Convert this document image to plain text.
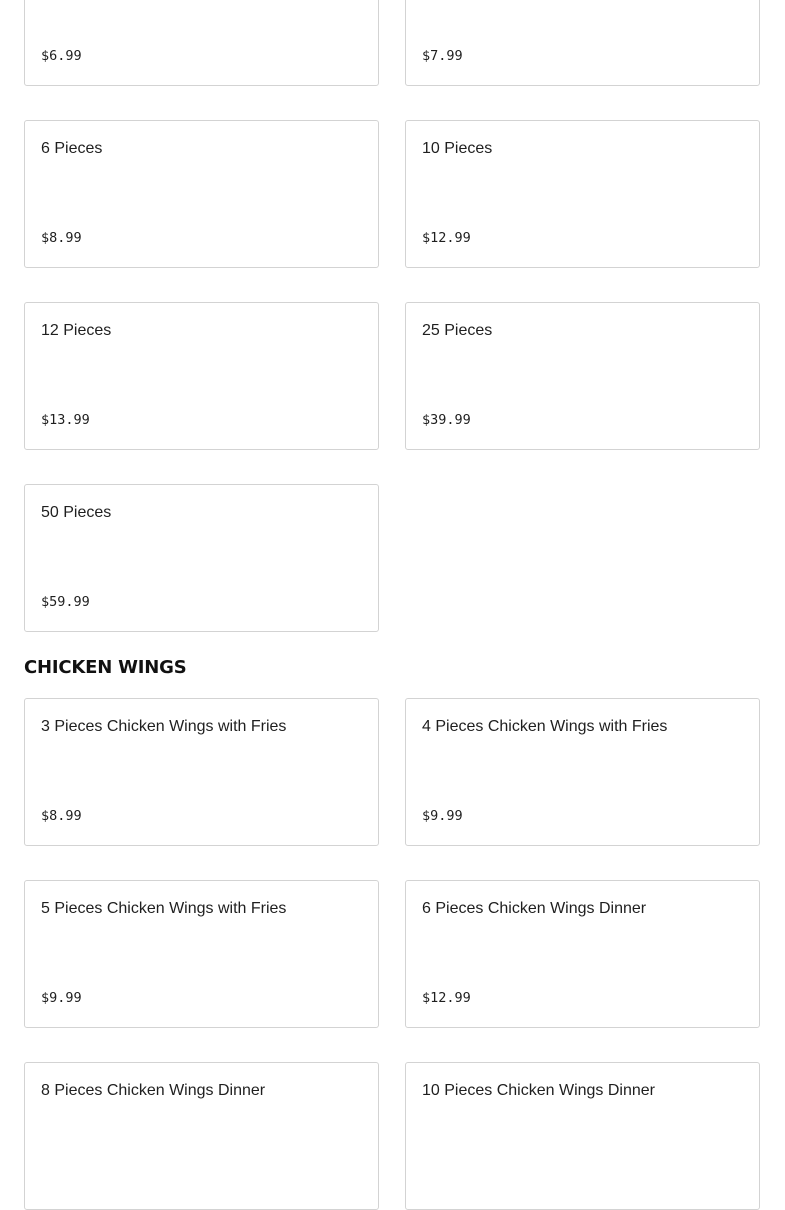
$6.99	$7.99
6 Pieces
$8.99
10 Pieces
$12.99
12 Pieces
$13.99
25 Pieces
$39.99
50 Pieces
$59.99
CHICKEN WINGS
3 Pieces Chicken Wings with Fries
$8.99
4 Pieces Chicken Wings with Fries
$9.99
5 Pieces Chicken Wings with Fries
$9.99
6 Pieces Chicken Wings Dinner
$12.99
8 Pieces Chicken Wings Dinner	10 Pieces Chicken Wings Dinner
